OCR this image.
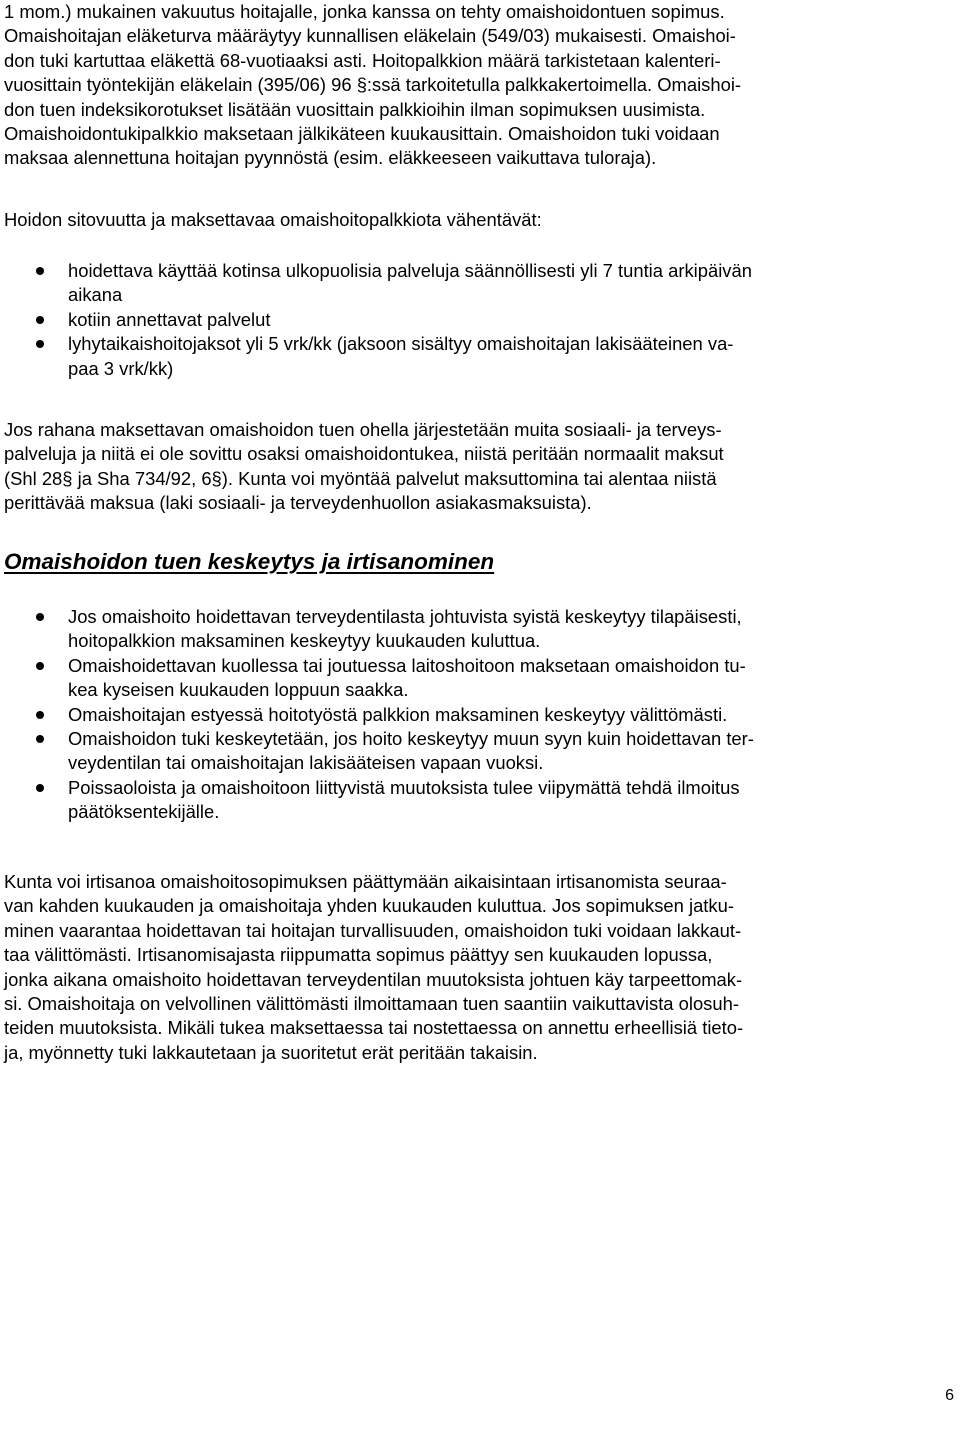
1 mom.) mukainen vakuutus hoitajalle, jonka kanssa on tehty omaishoidontuen sopimus.
Omaishoitajan eläketurva määräytyy kunnallisen eläkelain (549/03) mukaisesti. Omaishoi-
don tuki kartuttaa eläkettä 68-vuotiaaksi asti. Hoitopalkkion määrä tarkistetaan kalenteri-
vuosittain työntekijän eläkelain (395/06) 96 §:ssä tarkoitetulla palkkakertoimella. Omaishoi-
don tuen indeksikorotukset lisätään vuosittain palkkioihin ilman sopimuksen uusimista.
Omaishoidontukipalkkio maksetaan jälkikäteen kuukausittain. Omaishoidon tuki voidaan
maksaa alennettuna hoitajan pyynnöstä (esim. eläkkeeseen vaikuttava tuloraja).
Hoidon sitovuutta ja maksettavaa omaishoitopalkkiota vähentävät:
hoidettava käyttää kotinsa ulkopuolisia palveluja säännöllisesti yli 7 tuntia arkipäivän
aikana
kotiin annettavat palvelut
lyhytaikaishoitojaksot yli 5 vrk/kk (jaksoon sisältyy omaishoitajan lakisääteinen va-
paa 3 vrk/kk)
Jos rahana maksettavan omaishoidon tuen ohella järjestetään muita sosiaali- ja terveys-
palveluja ja niitä ei ole sovittu osaksi omaishoidontukea, niistä peritään normaalit maksut
(Shl 28§ ja Sha 734/92, 6§). Kunta voi myöntää palvelut maksuttomina tai alentaa niistä
perittävää maksua (laki sosiaali- ja terveydenhuollon asiakasmaksuista).
Omaishoidon tuen keskeytys ja irtisanominen
Jos omaishoito hoidettavan terveydentilasta johtuvista syistä keskeytyy tilapäisesti,
hoitopalkkion maksaminen keskeytyy kuukauden kuluttua.
Omaishoidettavan kuollessa tai joutuessa laitoshoitoon maksetaan omaishoidon tu-
kea kyseisen kuukauden loppuun saakka.
Omaishoitajan estyessä hoitotyöstä palkkion maksaminen keskeytyy välittömästi.
Omaishoidon tuki keskeytetään, jos hoito keskeytyy muun syyn kuin hoidettavan ter-
veydentilan tai omaishoitajan lakisääteisen vapaan vuoksi.
Poissaoloista ja omaishoitoon liittyvistä muutoksista tulee viipymättä tehdä ilmoitus
päätöksentekijälle.
Kunta voi irtisanoa omaishoitosopimuksen päättymään aikaisintaan irtisanomista seuraa-
van kahden kuukauden ja omaishoitaja yhden kuukauden kuluttua. Jos sopimuksen jatku-
minen vaarantaa hoidettavan tai hoitajan turvallisuuden, omaishoidon tuki voidaan lakkaut-
taa välittömästi. Irtisanomisajasta riippumatta sopimus päättyy sen kuukauden lopussa,
jonka aikana omaishoito hoidettavan terveydentilan muutoksista johtuen käy tarpeettomak-
si. Omaishoitaja on velvollinen välittömästi ilmoittamaan tuen saantiin vaikuttavista olosuh-
teiden muutoksista. Mikäli tukea maksettaessa tai nostettaessa on annettu erheellisiä tieto-
ja, myönnetty tuki lakkautetaan ja suoritetut erät peritään takaisin.
6
